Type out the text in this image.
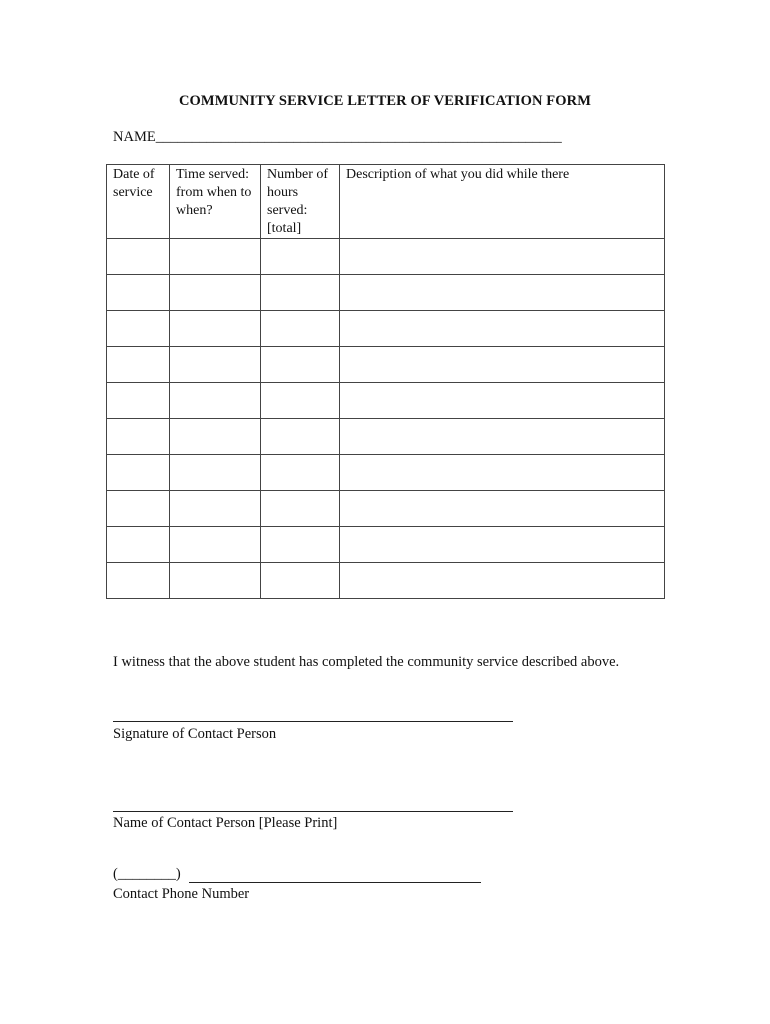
COMMUNITY SERVICE LETTER OF VERIFICATION FORM
NAME________________________________________________________
Date of service	Time served: from when to when?	Number of hours served: [total]	Description of what you did while there

I witness that the above student has completed the community service described above.
Signature of Contact Person
Name of Contact Person [Please Print]
(________)
Contact Phone Number
